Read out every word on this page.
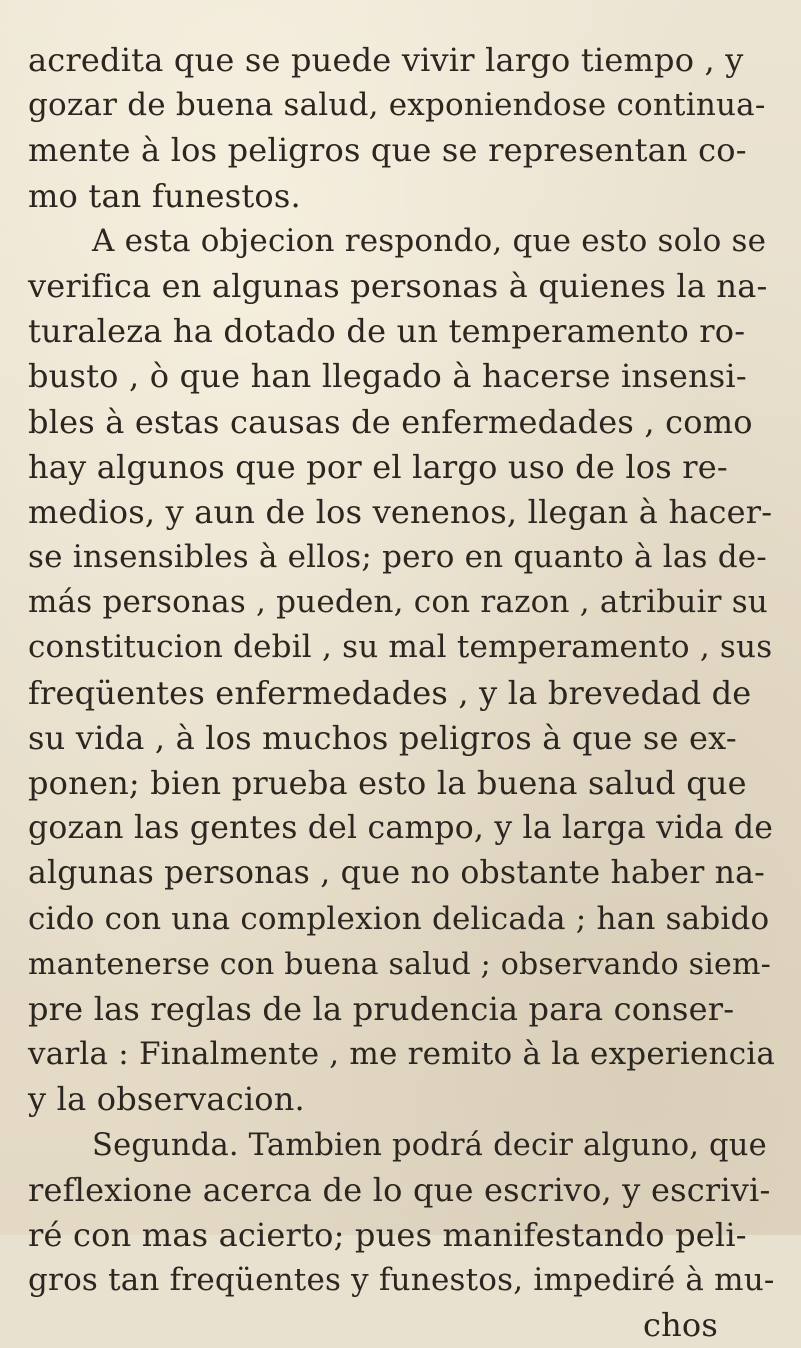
acredita que se puede vivir largo tiempo , y
gozar de buena salud, exponiendose continua-
mente à los peligros que se representan co-
mo tan funestos.
A esta objecion respondo, que esto solo se
verifica en algunas personas à quienes la na-
turaleza ha dotado de un temperamento ro-
busto , ò que han llegado à hacerse insensi-
bles à estas causas de enfermedades , como
hay algunos que por el largo uso de los re-
medios, y aun de los venenos, llegan à hacer-
se insensibles à ellos; pero en quanto à las de-
más personas , pueden, con razon , atribuir su
constitucion debil , su mal temperamento , sus
freqüentes enfermedades , y la brevedad de
su vida , à los muchos peligros à que se ex-
ponen; bien prueba esto la buena salud que
gozan las gentes del campo, y la larga vida de
algunas personas , que no obstante haber na-
cido con una complexion delicada ; han sabido
mantenerse con buena salud ; observando siem-
pre las reglas de la prudencia para conser-
varla : Finalmente , me remito à la experiencia
y la observacion.
Segunda. Tambien podrá decir alguno, que
reflexione acerca de lo que escrivo, y escrivi-
ré con mas acierto; pues manifestando peli-
gros tan freqüentes y funestos, impediré à mu-
chos
